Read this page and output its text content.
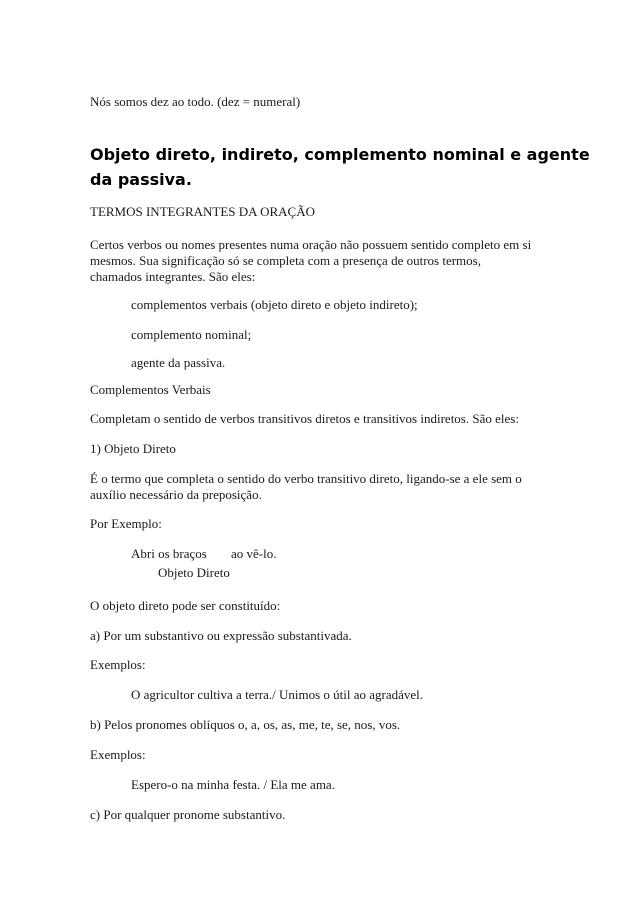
Nós somos dez ao todo. (dez = numeral)

Objeto direto, indireto, complemento nominal e agente
da passiva.

TERMOS INTEGRANTES DA ORAÇÃO

Certos verbos ou nomes presentes numa oração não possuem sentido completo em si

mesmos. Sua significação só se completa com a presença de outros termos,

chamados integrantes. São eles:

complementos verbais (objeto direto e objeto indireto);

complemento nominal;

agente da passiva.

Complementos Verbais

Completam o sentido de verbos transitivos diretos e transitivos indiretos. São eles:

1) Objeto Direto

É o termo que completa o sentido do verbo transitivo direto, ligando-se a ele sem o

auxílio necessário da preposição.

Por Exemplo:

Abri os braços ao vê-lo.

Objeto Direto

O objeto direto pode ser constituído:

a) Por um substantivo ou expressão substantivada.

Exemplos:

O agricultor cultiva a terra./ Unimos o útil ao agradável.

b) Pelos pronomes oblíquos o, a, os, as, me, te, se, nos, vos.

Exemplos:

Espero-o na minha festa. / Ela me ama.

c) Por qualquer pronome substantivo.
